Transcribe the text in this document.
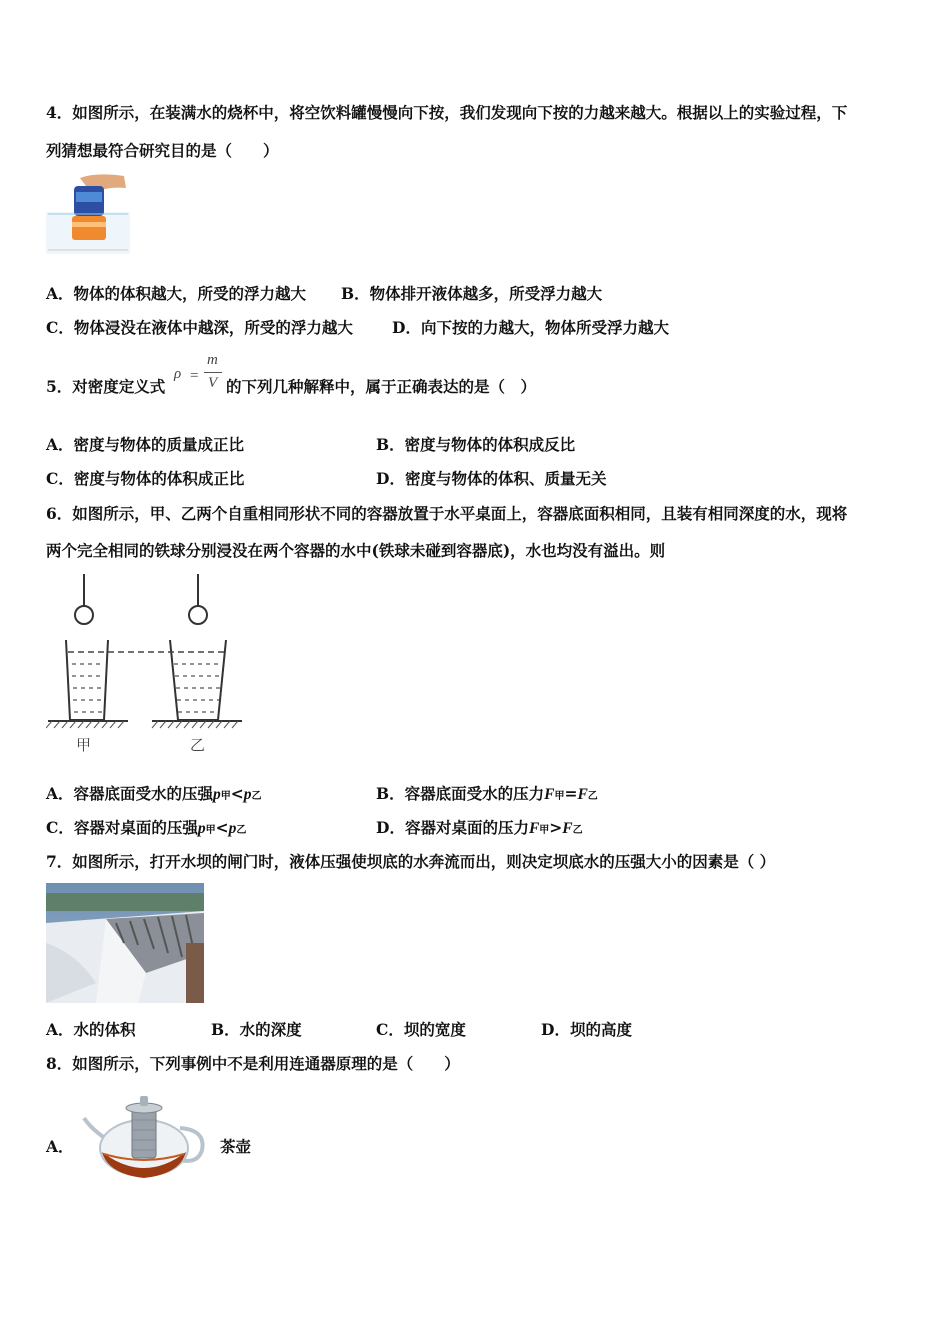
4．如图所示，在装满水的烧杯中，将空饮料罐慢慢向下按，我们发现向下按的力越来越大。根据以上的实验过程，下
列猜想最符合研究目的是（　　）
A．物体的体积越大，所受的浮力越大 B．物体排开液体越多，所受浮力越大
C．物体浸没在液体中越深，所受的浮力越大	D．向下按的力越大，物体所受浮力越大
5．对密度定义式
ρ =
m
V 的下列几种解释中，属于正确表达的是（　）
A．密度与物体的质量成正比	B．密度与物体的体积成反比
C．密度与物体的体积成正比	D．密度与物体的体积、质量无关
6．如图所示，甲、乙两个自重相同形状不同的容器放置于水平桌面上，容器底面积相同，且装有相同深度的水，现将
两个完全相同的铁球分别浸没在两个容器的水中(铁球未碰到容器底)，水也均没有溢出。则
甲	乙
A．容器底面受水的压强p甲<p乙	B．容器底面受水的压力F甲=F乙
C．容器对桌面的压强p甲<p乙	D．容器对桌面的压力F甲>F乙
7．如图所示，打开水坝的闸门时，液体压强使坝底的水奔流而出，则决定坝底水的压强大小的因素是（ ）
A．水的体积	B．水的深度	C．坝的宽度	D．坝的高度
8．如图所示，下列事例中不是利用连通器原理的是（　　）
A．	茶壶
